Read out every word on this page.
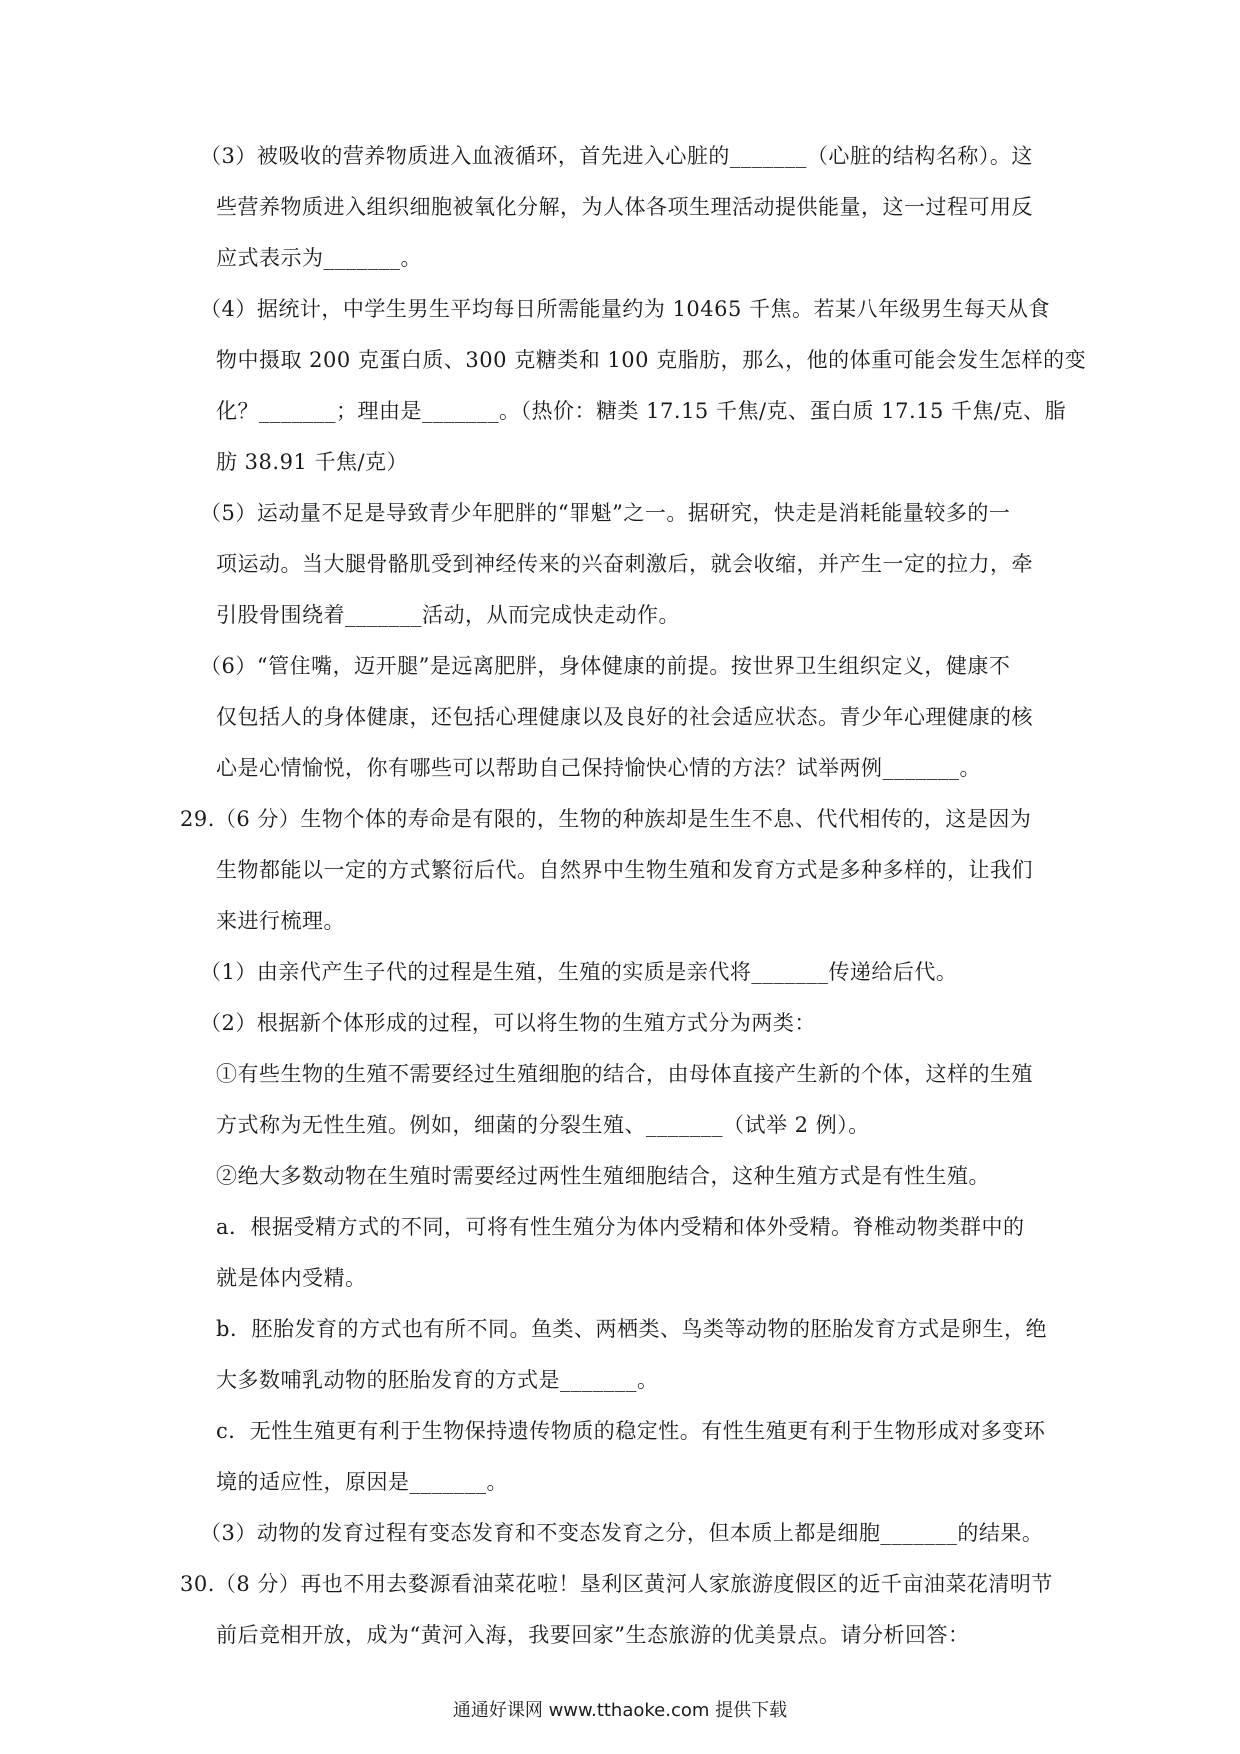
（3）被吸收的营养物质进入血液循环，首先进入心脏的_______（心脏的结构名称）。这
些营养物质进入组织细胞被氧化分解，为人体各项生理活动提供能量，这一过程可用反
应式表示为_______。
（4）据统计，中学生男生平均每日所需能量约为 10465 千焦。若某八年级男生每天从食
物中摄取 200 克蛋白质、300 克糖类和 100 克脂肪，那么，他的体重可能会发生怎样的变
化？_______；理由是_______。（热价：糖类 17.15 千焦/克、蛋白质 17.15 千焦/克、脂
肪 38.91 千焦/克）
（5）运动量不足是导致青少年肥胖的“罪魁”之一。据研究，快走是消耗能量较多的一
项运动。当大腿骨骼肌受到神经传来的兴奋刺激后，就会收缩，并产生一定的拉力，牵
引股骨围绕着_______活动，从而完成快走动作。
（6）“管住嘴，迈开腿”是远离肥胖，身体健康的前提。按世界卫生组织定义，健康不
仅包括人的身体健康，还包括心理健康以及良好的社会适应状态。青少年心理健康的核
心是心情愉悦，你有哪些可以帮助自己保持愉快心情的方法？试举两例_______。
29.（6 分）生物个体的寿命是有限的，生物的种族却是生生不息、代代相传的，这是因为
生物都能以一定的方式繁衍后代。自然界中生物生殖和发育方式是多种多样的，让我们
来进行梳理。
（1）由亲代产生子代的过程是生殖，生殖的实质是亲代将_______传递给后代。
（2）根据新个体形成的过程，可以将生物的生殖方式分为两类：
①有些生物的生殖不需要经过生殖细胞的结合，由母体直接产生新的个体，这样的生殖
方式称为无性生殖。例如，细菌的分裂生殖、_______（试举 2 例）。
②绝大多数动物在生殖时需要经过两性生殖细胞结合，这种生殖方式是有性生殖。
a．根据受精方式的不同，可将有性生殖分为体内受精和体外受精。脊椎动物类群中的
就是体内受精。
b．胚胎发育的方式也有所不同。鱼类、两栖类、鸟类等动物的胚胎发育方式是卵生，绝
大多数哺乳动物的胚胎发育的方式是_______。
c．无性生殖更有利于生物保持遗传物质的稳定性。有性生殖更有利于生物形成对多变环
境的适应性，原因是_______。
（3）动物的发育过程有变态发育和不变态发育之分，但本质上都是细胞_______的结果。
30.（8 分）再也不用去婺源看油菜花啦！垦利区黄河人家旅游度假区的近千亩油菜花清明节
前后竞相开放，成为“黄河入海，我要回家”生态旅游的优美景点。请分析回答：
通通好课网 www.tthaoke.com 提供下载
